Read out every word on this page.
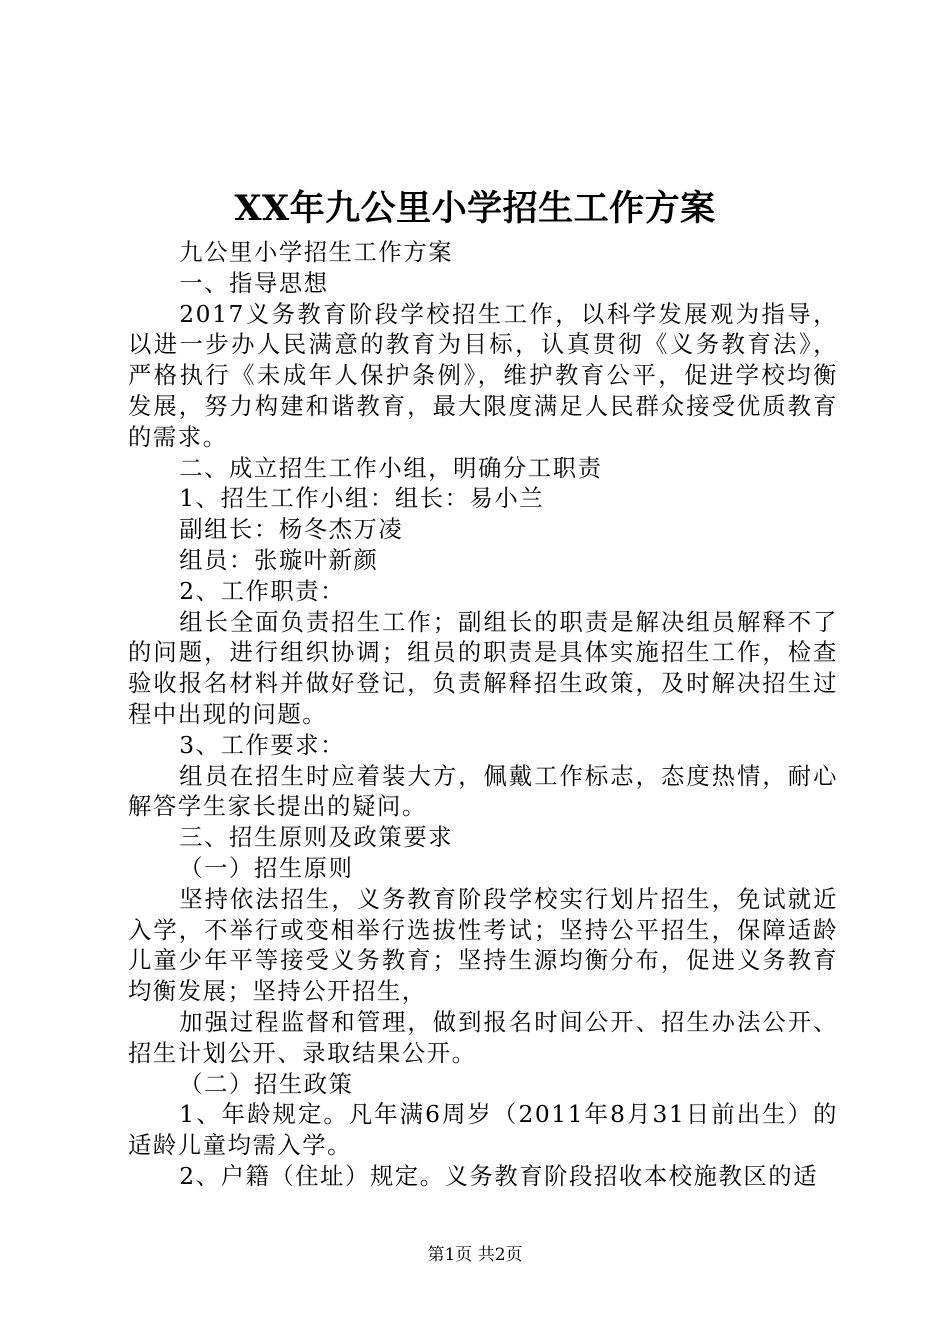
XX年九公里小学招生工作方案

九公里小学招生工作方案

一、指导思想

2017义务教育阶段学校招生工作，以科学发展观为指导，以进一步办人民满意的教育为目标，认真贯彻《义务教育法》，严格执行《未成年人保护条例》，维护教育公平，促进学校均衡发展，努力构建和谐教育，最大限度满足人民群众接受优质教育的需求。

二、成立招生工作小组，明确分工职责

1、招生工作小组：组长：易小兰

副组长：杨冬杰万凌

组员：张璇叶新颜

2、工作职责：

组长全面负责招生工作；副组长的职责是解决组员解释不了的问题，进行组织协调；组员的职责是具体实施招生工作，检查验收报名材料并做好登记，负责解释招生政策，及时解决招生过程中出现的问题。

3、工作要求：

组员在招生时应着装大方，佩戴工作标志，态度热情，耐心解答学生家长提出的疑问。

三、招生原则及政策要求

（一）招生原则

坚持依法招生，义务教育阶段学校实行划片招生，免试就近入学，不举行或变相举行选拔性考试；坚持公平招生，保障适龄儿童少年平等接受义务教育；坚持生源均衡分布，促进义务教育均衡发展；坚持公开招生，

加强过程监督和管理，做到报名时间公开、招生办法公开、招生计划公开、录取结果公开。

（二）招生政策

1、年龄规定。凡年满6周岁（2011年8月31日前出生）的适龄儿童均需入学。

2、户籍（住址）规定。义务教育阶段招收本校施教区的适

第1页 共2页
